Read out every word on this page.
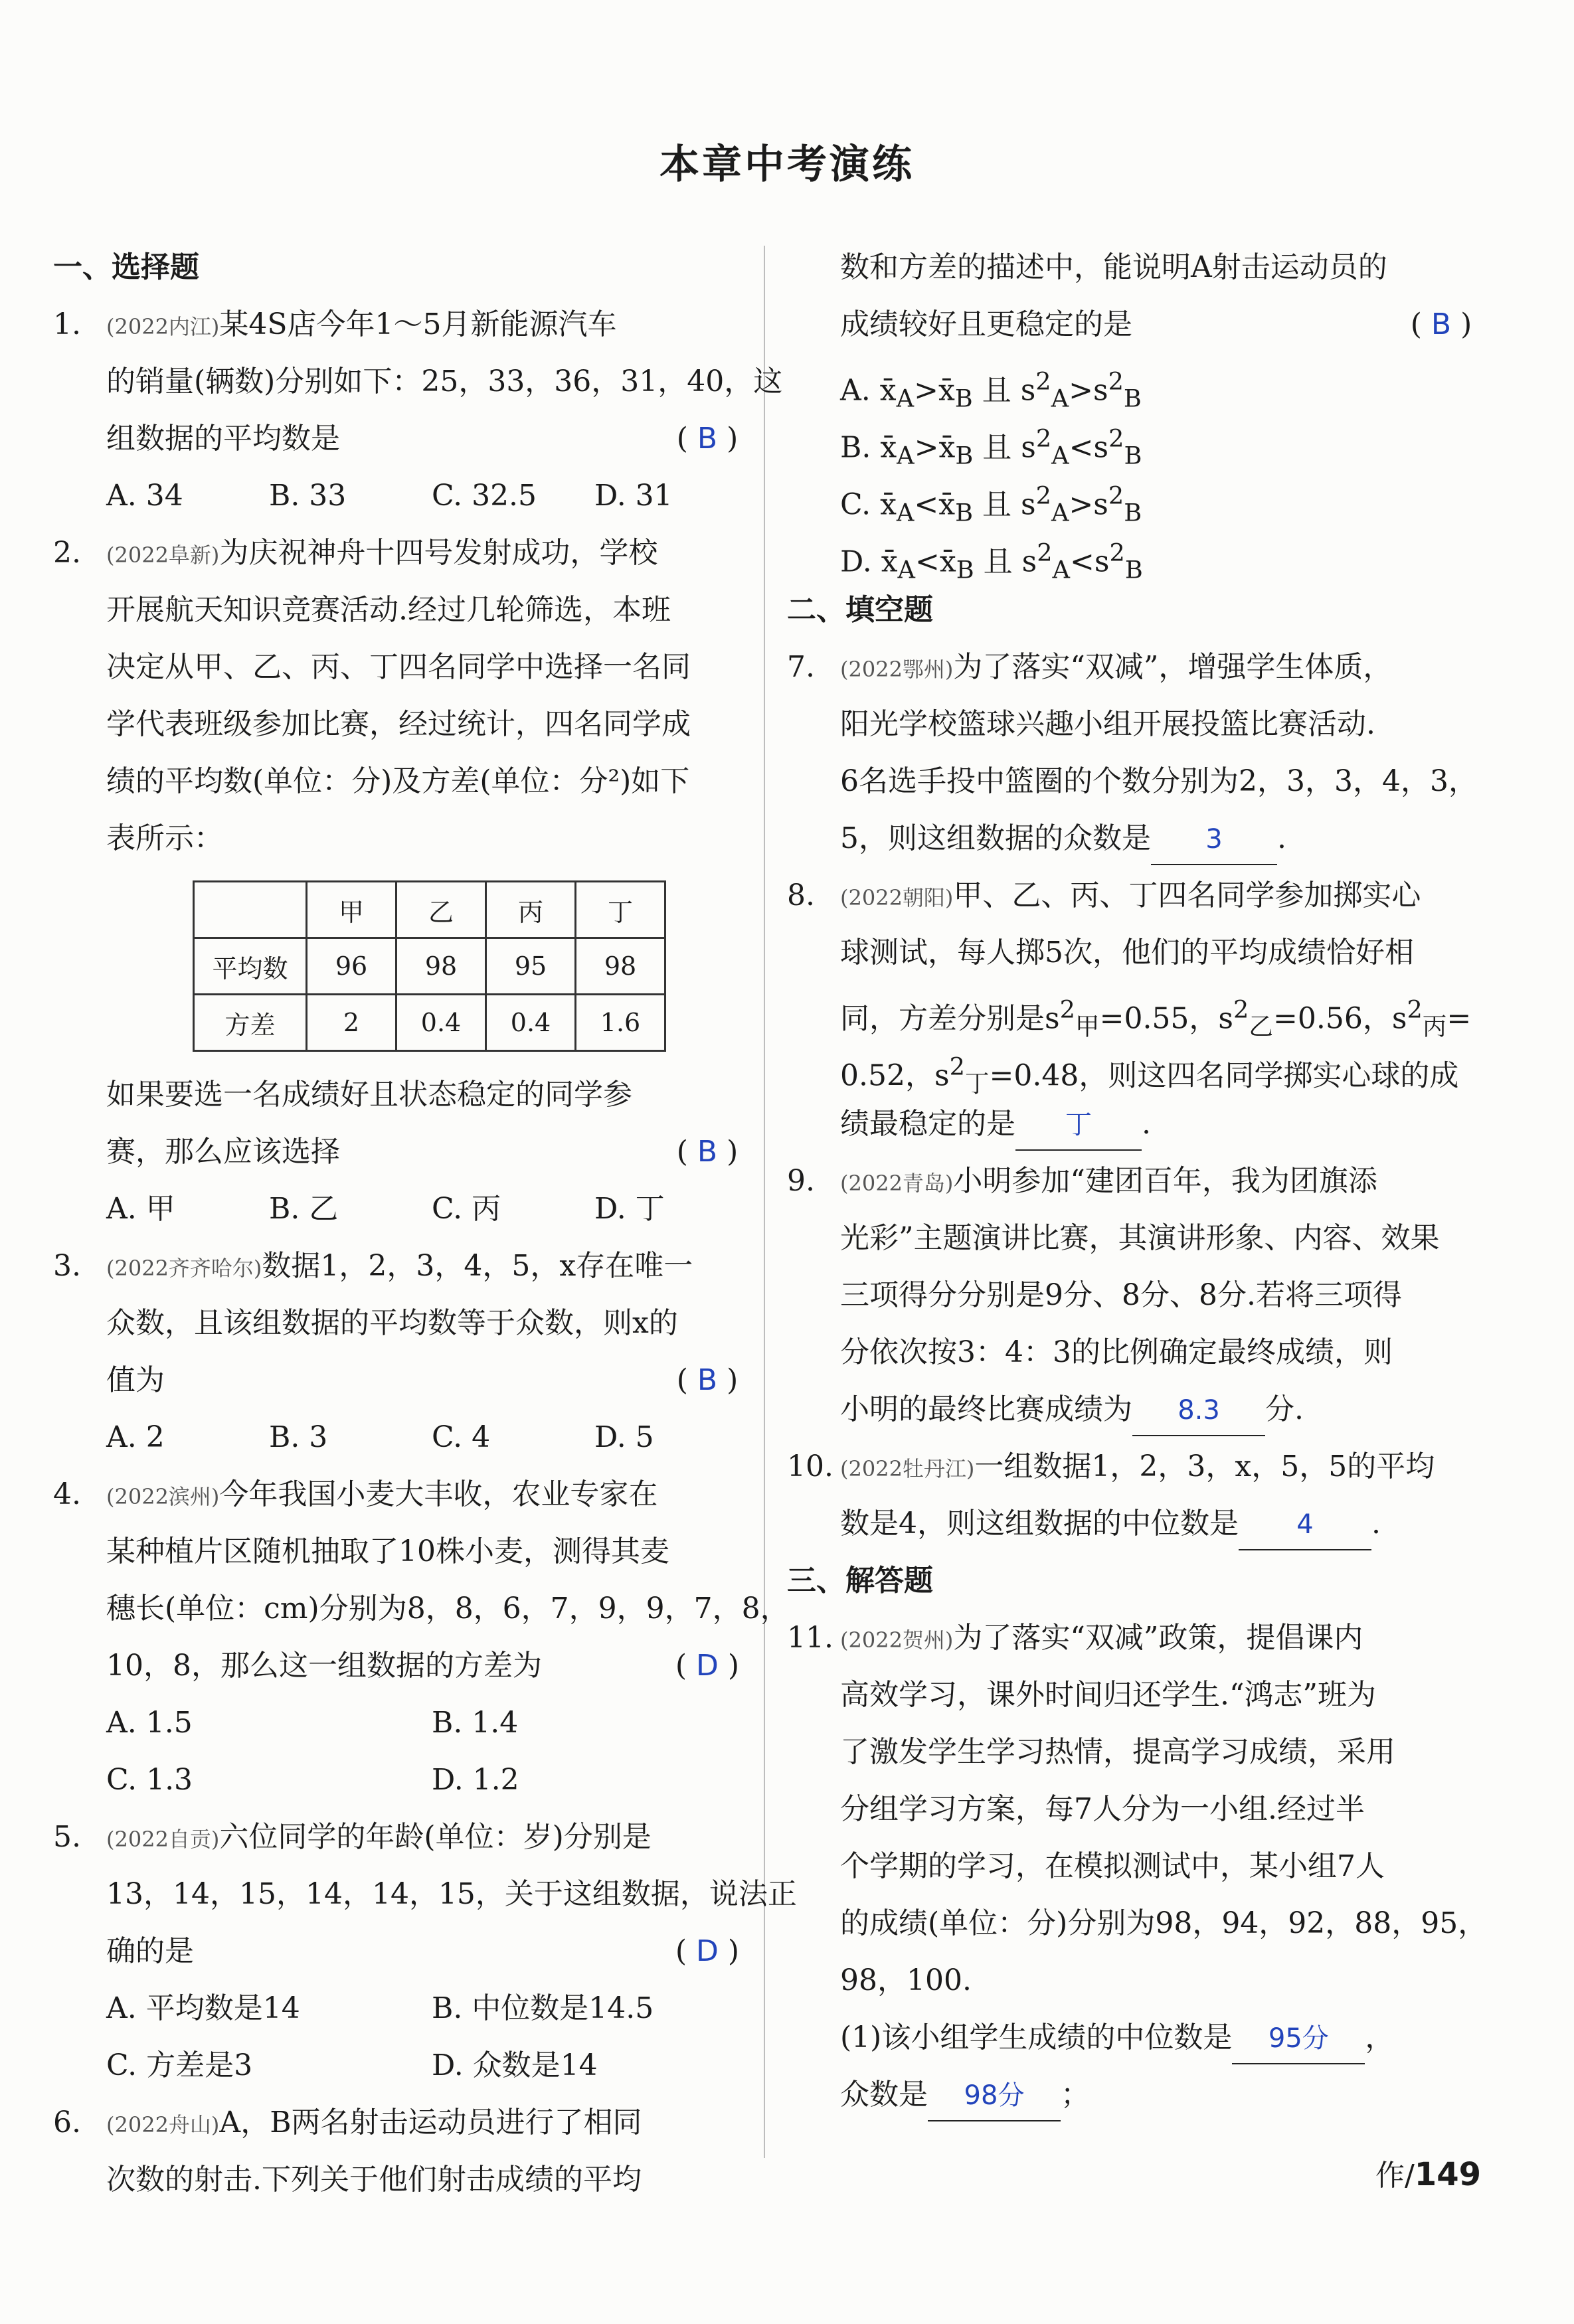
本章中考演练
一、选择题
1. (2022内江)某4S店今年1～5月新能源汽车
的销量(辆数)分别如下：25，33，36，31，40，这
组数据的平均数是	( B )
A. 34	B. 33	C. 32.5	D. 31
2. (2022阜新)为庆祝神舟十四号发射成功，学校
开展航天知识竞赛活动.经过几轮筛选，本班
决定从甲、乙、丙、丁四名同学中选择一名同
学代表班级参加比赛，经过统计，四名同学成
绩的平均数(单位：分)及方差(单位：分²)如下
表所示：
	甲	乙	丙	丁
平均数	96	98	95	98
方差	2	0.4	0.4	1.6
如果要选一名成绩好且状态稳定的同学参
赛，那么应该选择	( B )
A. 甲	B. 乙	C. 丙	D. 丁
3. (2022齐齐哈尔)数据1，2，3，4，5，x存在唯一
众数，且该组数据的平均数等于众数，则x的
值为	( B )
A. 2	B. 3	C. 4	D. 5
4. (2022滨州)今年我国小麦大丰收，农业专家在
某种植片区随机抽取了10株小麦，测得其麦
穗长(单位：cm)分别为8，8，6，7，9，9，7，8，
10，8，那么这一组数据的方差为	( D )
A. 1.5	B. 1.4
C. 1.3	D. 1.2
5. (2022自贡)六位同学的年龄(单位：岁)分别是
13，14，15，14，14，15，关于这组数据，说法正
确的是	( D )
A. 平均数是14	B. 中位数是14.5
C. 方差是3	D. 众数是14
6. (2022舟山)A，B两名射击运动员进行了相同
次数的射击.下列关于他们射击成绩的平均
数和方差的描述中，能说明A射击运动员的
成绩较好且更稳定的是	( B )
A. $x̄_A>x̄_B$ 且 $s^2_A>s^2_B$
B. $x̄_A>x̄_B$ 且 $s^2_A<s^2_B$
C. $x̄_A<x̄_B$ 且 $s^2_A>s^2_B$
D. $x̄_A<x̄_B$ 且 $s^2_A<s^2_B$
二、填空题
7. (2022鄂州)为了落实“双减”，增强学生体质，
阳光学校篮球兴趣小组开展投篮比赛活动.
6名选手投中篮圈的个数分别为2，3，3，4，3，
5，则这组数据的众数是 3 .
8. (2022朝阳)甲、乙、丙、丁四名同学参加掷实心
球测试，每人掷5次，他们的平均成绩恰好相
同，方差分别是$s^2_甲=0.55$，$s^2_乙=0.56$，$s^2_丙=$
0.52，$s^2_丁=0.48$，则这四名同学掷实心球的成
绩最稳定的是 丁 .
9. (2022青岛)小明参加“建团百年，我为团旗添
光彩”主题演讲比赛，其演讲形象、内容、效果
三项得分分别是9分、8分、8分.若将三项得
分依次按3：4：3的比例确定最终成绩，则
小明的最终比赛成绩为 8.3 分.
10. (2022牡丹江)一组数据1，2，3，x，5，5的平均
数是4，则这组数据的中位数是 4 .
三、解答题
11. (2022贺州)为了落实“双减”政策，提倡课内
高效学习，课外时间归还学生.“鸿志”班为
了激发学生学习热情，提高学习成绩，采用
分组学习方案，每7人分为一小组.经过半
个学期的学习，在模拟测试中，某小组7人
的成绩(单位：分)分别为98，94，92，88，95，
98，100.
(1)该小组学生成绩的中位数是 95分 ，
众数是 98分 ；
作/149
